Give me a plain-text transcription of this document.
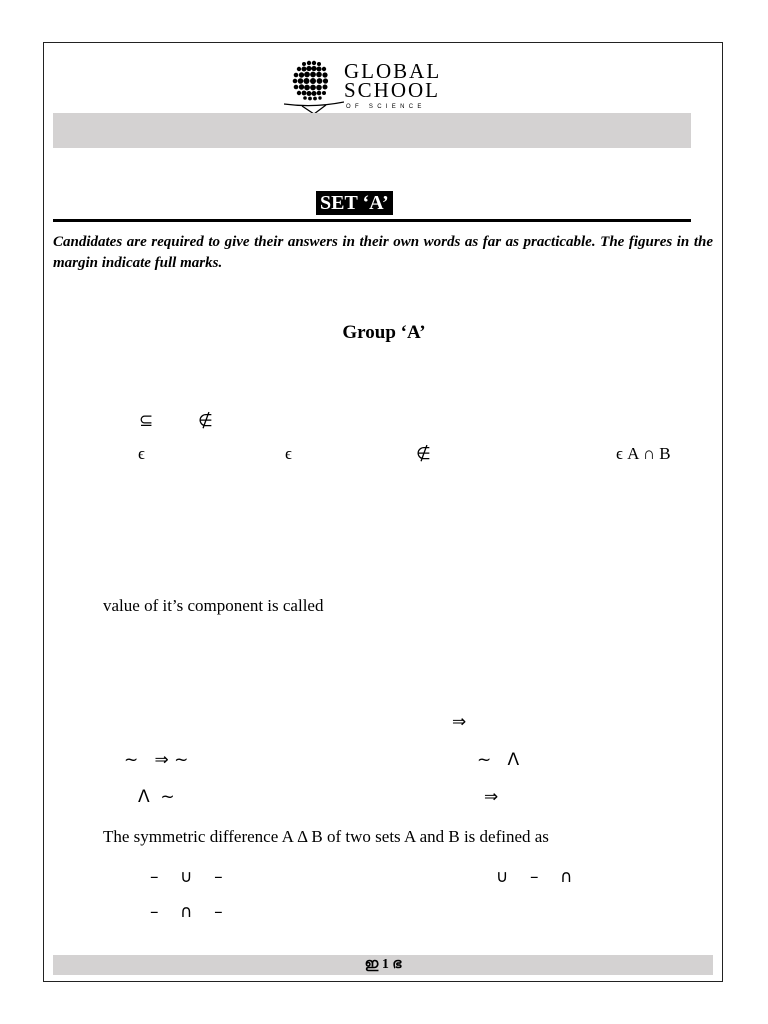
GLOBAL
SCHOOL
OF SCIENCE
SET ‘A’
Candidates are required to give their answers in their own words as far as practicable. The figures in the margin indicate full marks.
Group ‘A’
⊆	∉
ϵ	ϵ	∉	ϵ A ∩ B
value of it’s component is called
⇒
~   ⇒ ~	~   Λ
Λ  ~	⇒
The symmetric difference A Δ B of two sets A and B is defined as
–    ∪    –	∪    –    ∩
–    ∩    –
ഇ 1 ഭ
